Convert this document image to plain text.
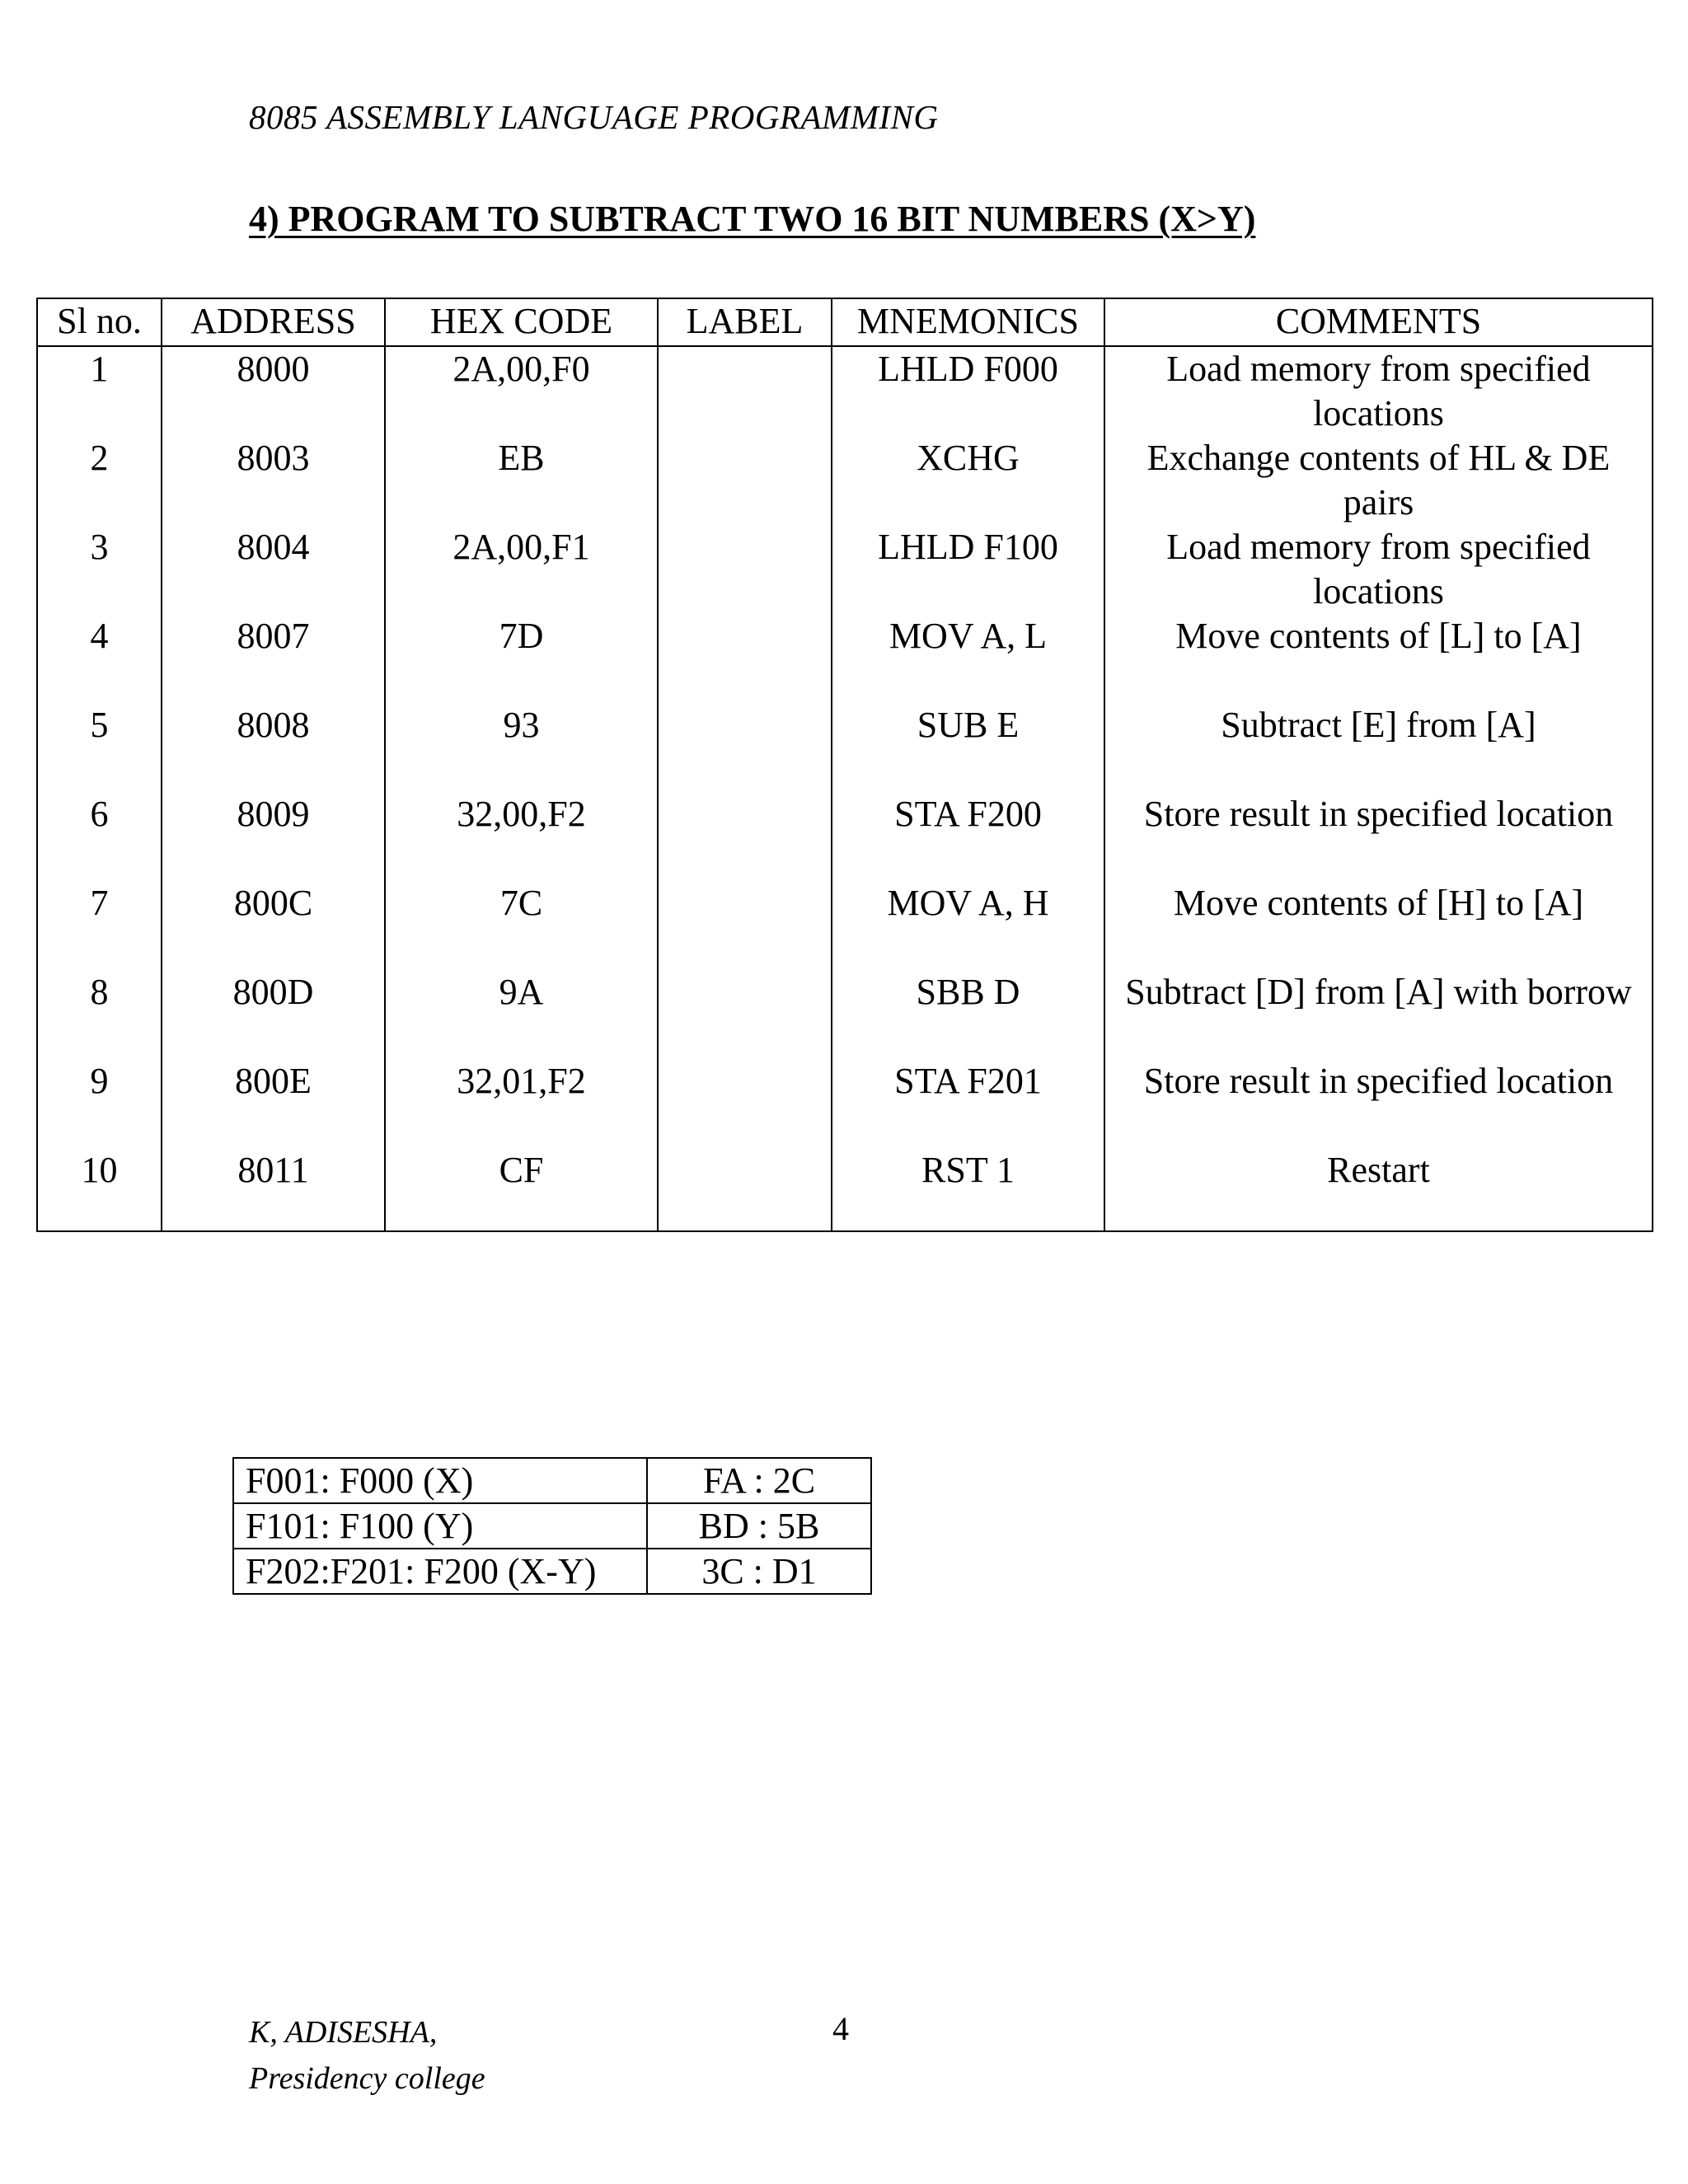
8085 ASSEMBLY LANGUAGE PROGRAMMING
4) PROGRAM TO SUBTRACT TWO 16 BIT NUMBERS (X>Y)
Sl no.	ADDRESS	HEX CODE	LABEL	MNEMONICS	COMMENTS
1	8000	2A,00,F0		LHLD F000	Load memory from specified locations
2	8003	EB		XCHG	Exchange contents of HL & DE pairs
3	8004	2A,00,F1		LHLD F100	Load memory from specified locations
4	8007	7D		MOV A, L	Move contents of [L] to [A]
5	8008	93		SUB E	Subtract [E] from [A]
6	8009	32,00,F2		STA F200	Store result in specified location
7	800C	7C		MOV A, H	Move contents of [H] to [A]
8	800D	9A		SBB D	Subtract [D] from [A] with borrow
9	800E	32,01,F2		STA F201	Store result in specified location
10	8011	CF		RST 1	Restart
F001: F000 (X)	FA : 2C
F101: F100 (Y)	BD : 5B
F202:F201: F200 (X-Y)	3C : D1
K, ADISESHA,
Presidency college
4
